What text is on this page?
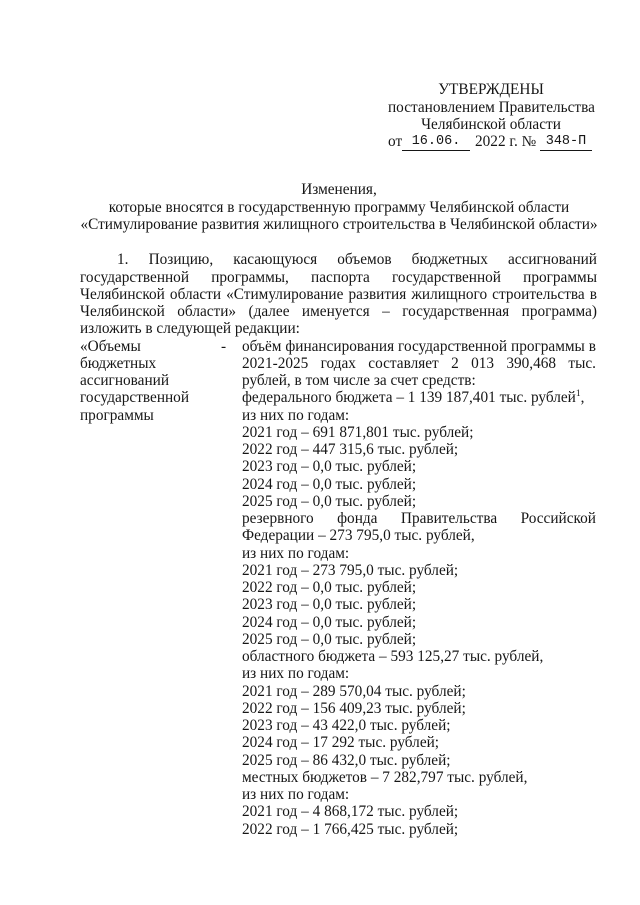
УТВЕРЖДЕНЫ
постановлением Правительства
Челябинской области
от 16.06. 2022 г. № 348-П
Изменения,
которые вносятся в государственную программу Челябинской области
«Стимулирование развития жилищного строительства в Челябинской области»
1. Позицию, касающуюся объемов бюджетных ассигнований
государственной программы, паспорта государственной программы
Челябинской области «Стимулирование развития жилищного строительства в
Челябинской области» (далее именуется – государственная программа)
изложить в следующей редакции:
«Объемы
бюджетных
ассигнований
государственной
программы
-	объём финансирования государственной программы в
2021-2025 годах составляет 2 013 390,468 тыс.
рублей, в том числе за счет средств:
федерального бюджета – 1 139 187,401 тыс. рублей$^1$,
из них по годам:
2021 год – 691 871,801 тыс. рублей;
2022 год – 447 315,6 тыс. рублей;
2023 год – 0,0 тыс. рублей;
2024 год – 0,0 тыс. рублей;
2025 год – 0,0 тыс. рублей;
резервного фонда Правительства Российской
Федерации – 273 795,0 тыс. рублей,
из них по годам:
2021 год – 273 795,0 тыс. рублей;
2022 год – 0,0 тыс. рублей;
2023 год – 0,0 тыс. рублей;
2024 год – 0,0 тыс. рублей;
2025 год – 0,0 тыс. рублей;
областного бюджета – 593 125,27 тыс. рублей,
из них по годам:
2021 год – 289 570,04 тыс. рублей;
2022 год – 156 409,23 тыс. рублей;
2023 год – 43 422,0 тыс. рублей;
2024 год – 17 292 тыс. рублей;
2025 год – 86 432,0 тыс. рублей;
местных бюджетов – 7 282,797 тыс. рублей,
из них по годам:
2021 год – 4 868,172 тыс. рублей;
2022 год – 1 766,425 тыс. рублей;
